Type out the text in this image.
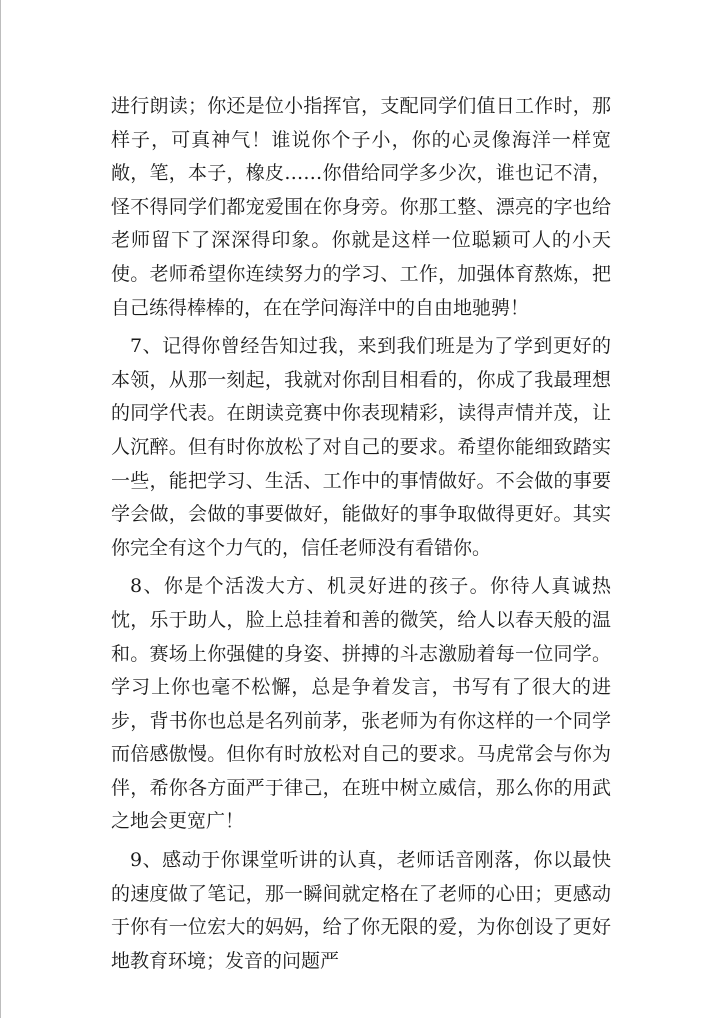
进行朗读；你还是位小指挥官，支配同学们值日工作时，那样子，可真神气！谁说你个子小，你的心灵像海洋一样宽敞，笔，本子，橡皮……你借给同学多少次，谁也记不清，怪不得同学们都宠爱围在你身旁。你那工整、漂亮的字也给老师留下了深深得印象。你就是这样一位聪颖可人的小天使。老师希望你连续努力的学习、工作，加强体育熬炼，把自己练得棒棒的，在在学问海洋中的自由地驰骋！

7、记得你曾经告知过我，来到我们班是为了学到更好的本领，从那一刻起，我就对你刮目相看的，你成了我最理想的同学代表。在朗读竞赛中你表现精彩，读得声情并茂，让人沉醉。但有时你放松了对自己的要求。希望你能细致踏实一些，能把学习、生活、工作中的事情做好。不会做的事要学会做，会做的事要做好，能做好的事争取做得更好。其实你完全有这个力气的，信任老师没有看错你。

8、你是个活泼大方、机灵好进的孩子。你待人真诚热忱，乐于助人，脸上总挂着和善的微笑，给人以春天般的温和。赛场上你强健的身姿、拼搏的斗志激励着每一位同学。学习上你也毫不松懈，总是争着发言，书写有了很大的进步，背书你也总是名列前茅，张老师为有你这样的一个同学而倍感傲慢。但你有时放松对自己的要求。马虎常会与你为伴，希你各方面严于律己，在班中树立威信，那么你的用武之地会更宽广！

9、感动于你课堂听讲的认真，老师话音刚落，你以最快的速度做了笔记，那一瞬间就定格在了老师的心田；更感动于你有一位宏大的妈妈，给了你无限的爱，为你创设了更好地教育环境；发音的问题严
